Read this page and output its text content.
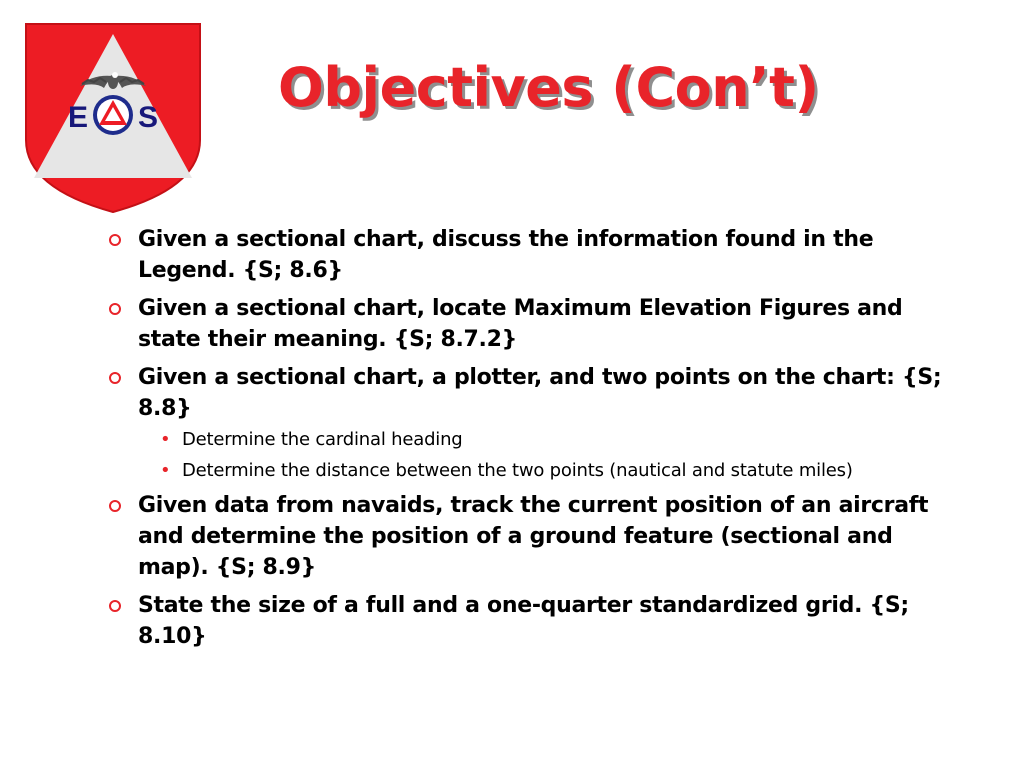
E S Objectives (Con’t)
Given a sectional chart, discuss the information found in the Legend. {S; 8.6}
Given a sectional chart, locate Maximum Elevation Figures and state their meaning. {S; 8.7.2}
Given a sectional chart, a plotter, and two points on the chart: {S; 8.8}
• Determine the cardinal heading
• Determine the distance between the two points (nautical and statute miles)
Given data from navaids, track the current position of an aircraft and determine the position of a ground feature (sectional and map). {S; 8.9}
State the size of a full and a one-quarter standardized grid. {S; 8.10}
